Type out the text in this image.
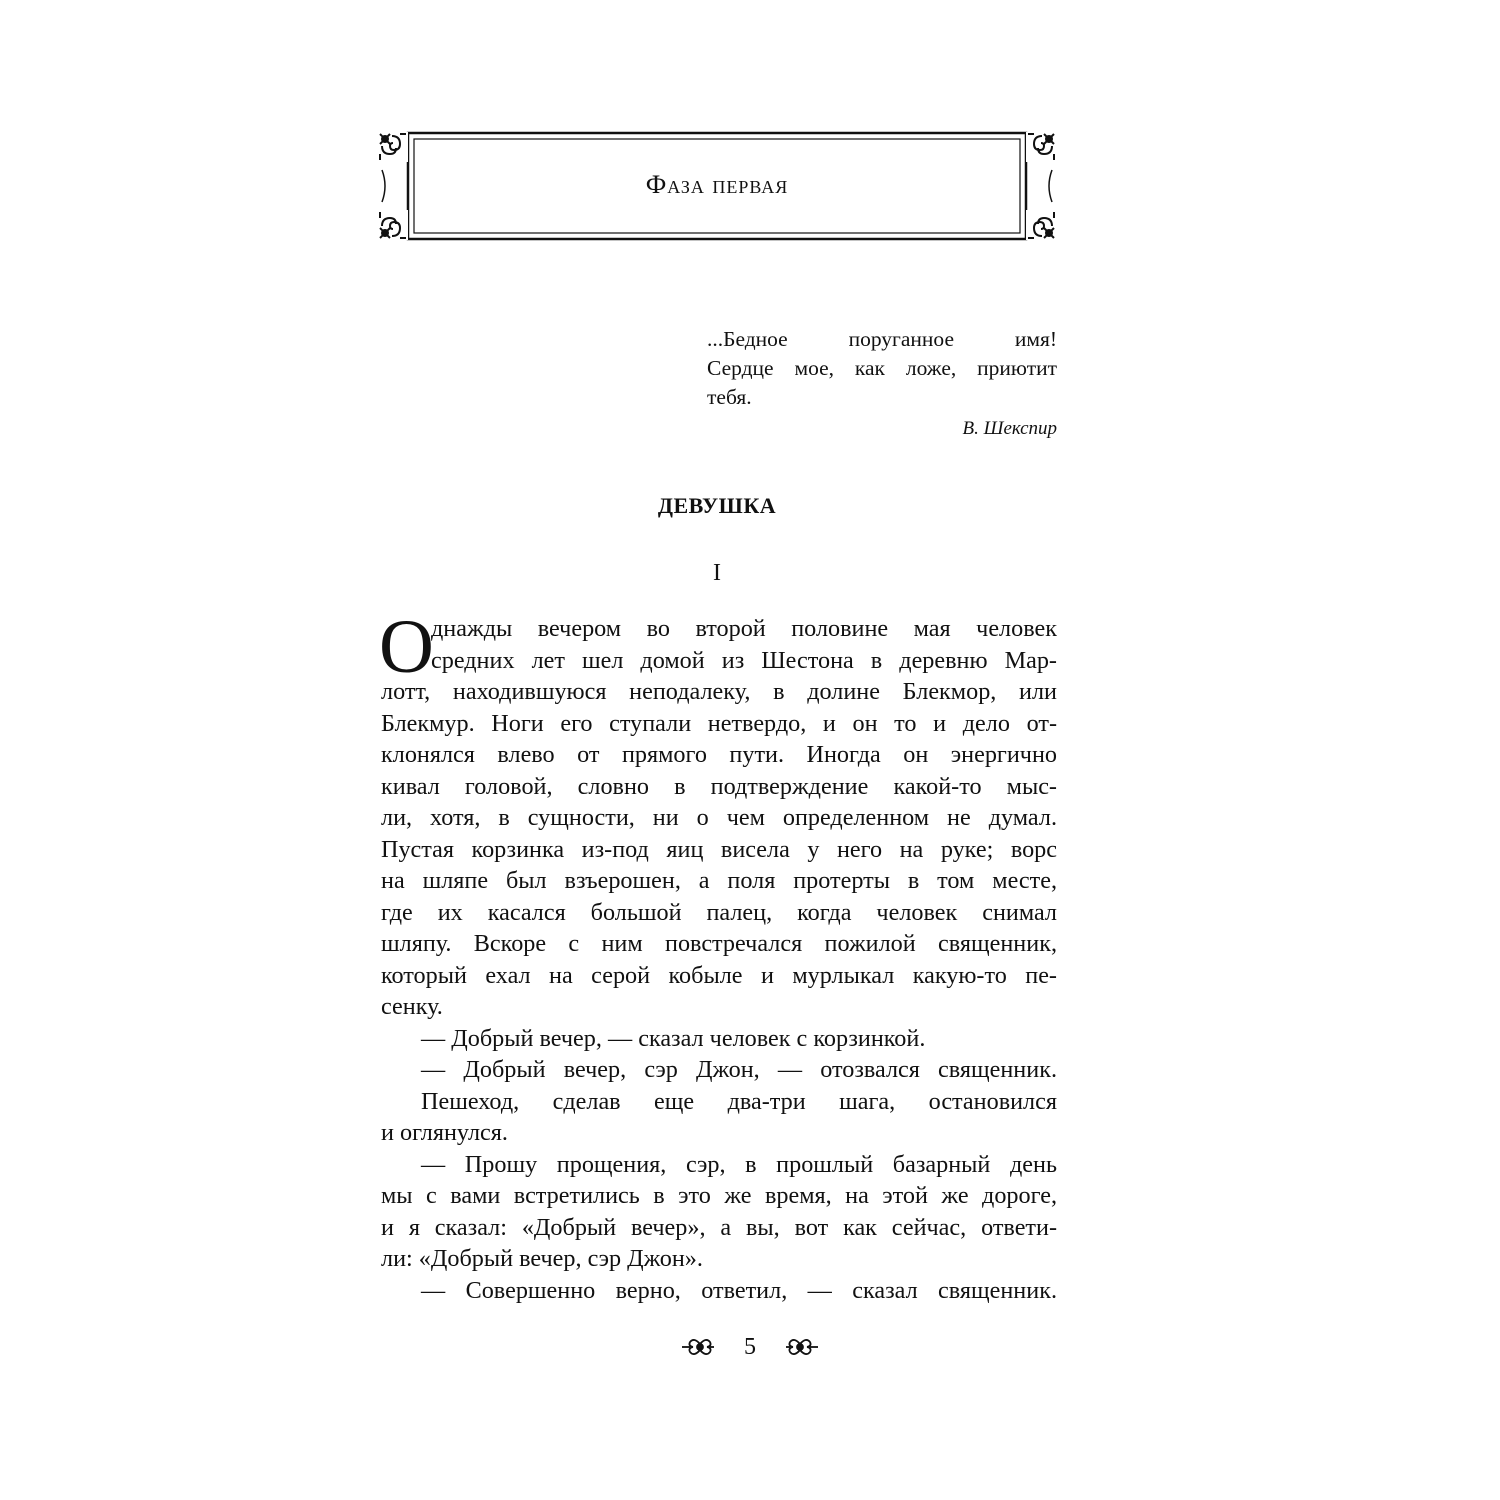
Фаза первая
...Бедное поруганное имя!
Сердце мое, как ложе, приютит
тебя.
В. Шекспир
ДЕВУШКА
I
О
днажды вечером во второй половине мая человек
средних лет шел домой из Шестона в деревню Мар-
лотт, находившуюся неподалеку, в долине Блекмор, или
Блекмур. Ноги его ступали нетвердо, и он то и дело от-
клонялся влево от прямого пути. Иногда он энергично
кивал головой, словно в подтверждение какой-то мыс-
ли, хотя, в сущности, ни о чем определенном не думал.
Пустая корзинка из-под яиц висела у него на руке; ворс
на шляпе был взъерошен, а поля протерты в том месте,
где их касался большой палец, когда человек снимал
шляпу. Вскоре с ним повстречался пожилой священник,
который ехал на серой кобыле и мурлыкал какую-то пе-
сенку.
— Добрый вечер, — сказал человек с корзинкой.
— Добрый вечер, сэр Джон, — отозвался священник.
Пешеход, сделав еще два-три шага, остановился
и оглянулся.
— Прошу прощения, сэр, в прошлый базарный день
мы с вами встретились в это же время, на этой же дороге,
и я сказал: «Добрый вечер», а вы, вот как сейчас, ответи-
ли: «Добрый вечер, сэр Джон».
— Совершенно верно, ответил, — сказал священник.
5
